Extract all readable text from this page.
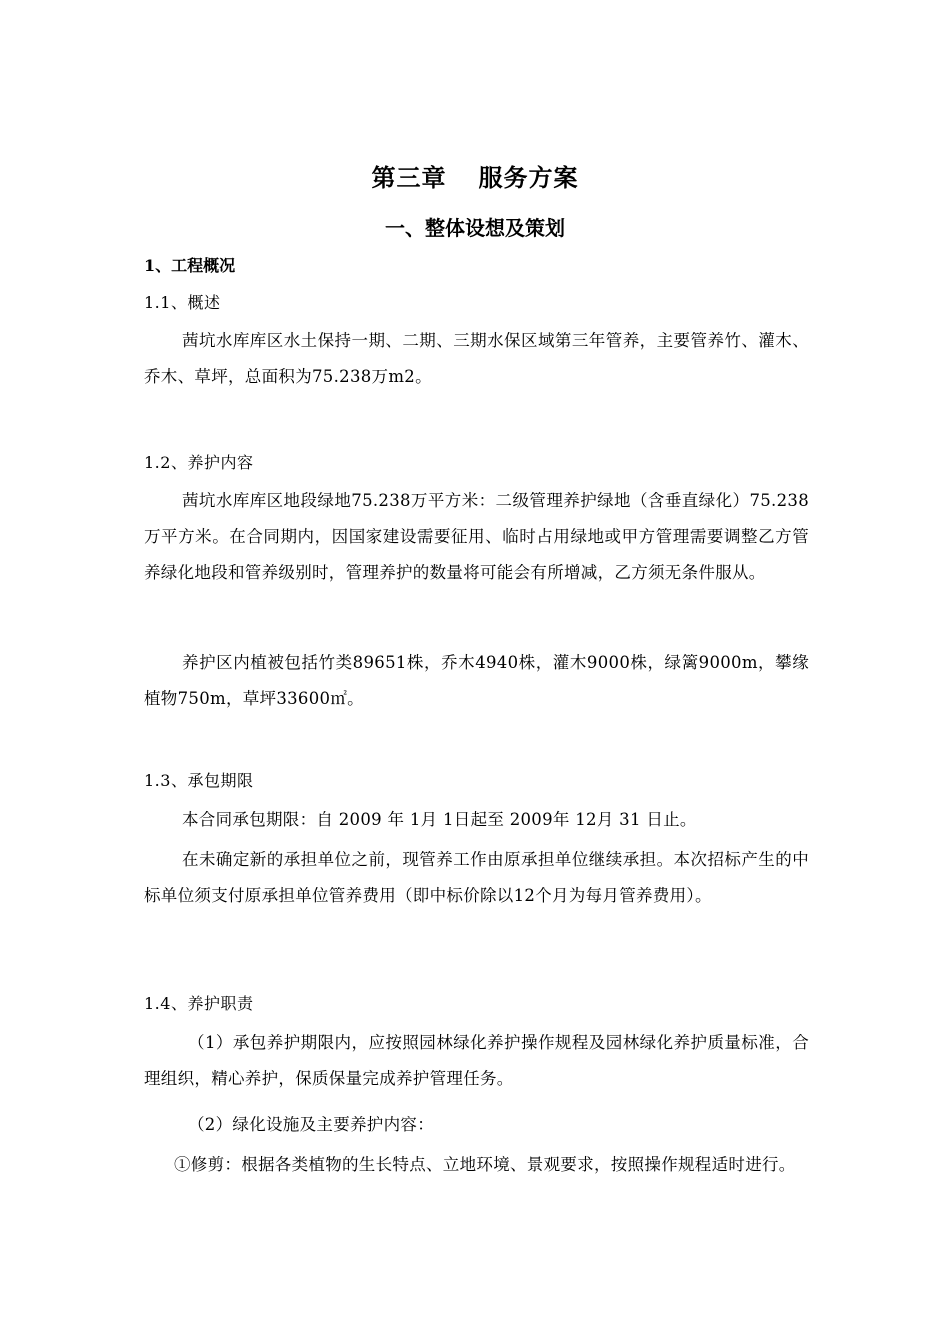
第三章 服务方案
一、整体设想及策划
1、工程概况
1.1、概述
茜坑水库库区水土保持一期、二期、三期水保区域第三年管养，主要管养竹、灌木、乔木、草坪，总面积为75.238万m2。
1.2、养护内容
茜坑水库库区地段绿地75.238万平方米：二级管理养护绿地（含垂直绿化）75.238万平方米。在合同期内，因国家建设需要征用、临时占用绿地或甲方管理需要调整乙方管养绿化地段和管养级别时，管理养护的数量将可能会有所增减，乙方须无条件服从。
养护区内植被包括竹类89651株，乔木4940株，灌木9000株，绿篱9000m，攀缘植物750m，草坪33600㎡。
1.3、承包期限
本合同承包期限：自 2009 年 1月 1日起至 2009年 12月 31 日止。
在未确定新的承担单位之前，现管养工作由原承担单位继续承担。本次招标产生的中标单位须支付原承担单位管养费用（即中标价除以12个月为每月管养费用）。
1.4、养护职责
（1）承包养护期限内，应按照园林绿化养护操作规程及园林绿化养护质量标准，合理组织，精心养护，保质保量完成养护管理任务。
（2）绿化设施及主要养护内容：
①修剪：根据各类植物的生长特点、立地环境、景观要求，按照操作规程适时进行。
